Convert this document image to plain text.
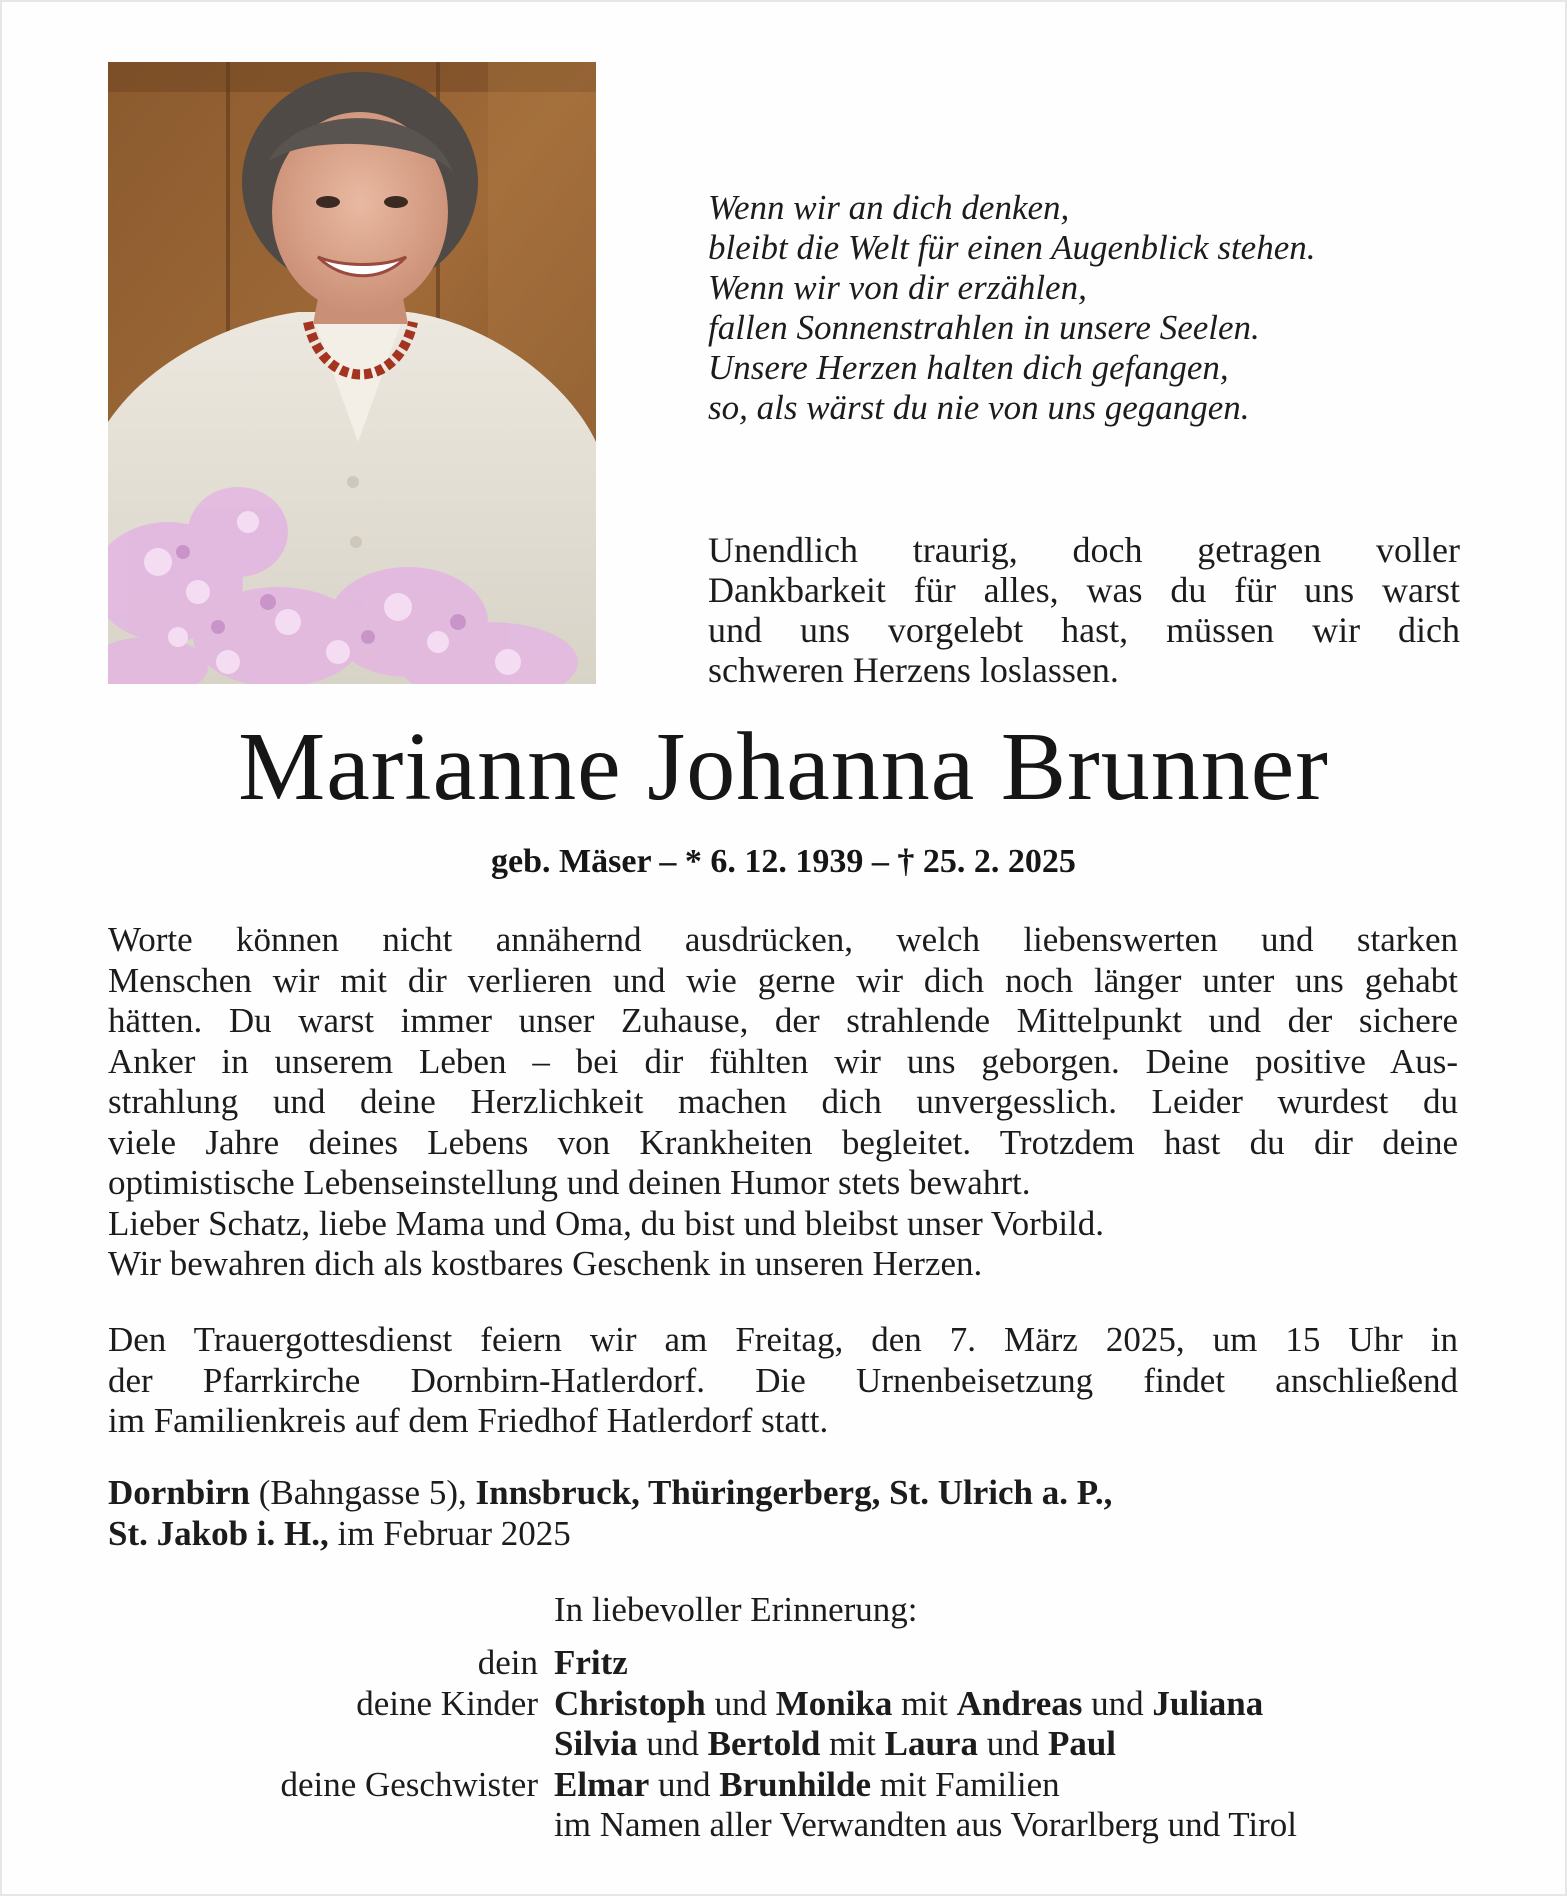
Wenn wir an dich denken,
bleibt die Welt für einen Augenblick stehen.
Wenn wir von dir erzählen,
fallen Sonnenstrahlen in unsere Seelen.
Unsere Herzen halten dich gefangen,
so, als wärst du nie von uns gegangen.
Unendlich traurig, doch getragen voller
Dankbarkeit für alles, was du für uns warst
und uns vorgelebt hast, müssen wir dich
schweren Herzens loslassen.
Marianne Johanna Brunner
geb. Mäser – * 6. 12. 1939 – † 25. 2. 2025
Worte können nicht annähernd ausdrücken, welch liebenswerten und starken
Menschen wir mit dir verlieren und wie gerne wir dich noch länger unter uns gehabt
hätten. Du warst immer unser Zuhause, der strahlende Mittelpunkt und der sichere
Anker in unserem Leben – bei dir fühlten wir uns geborgen. Deine positive Aus-
strahlung und deine Herzlichkeit machen dich unvergesslich. Leider wurdest du
viele Jahre deines Lebens von Krankheiten begleitet. Trotzdem hast du dir deine
optimistische Lebenseinstellung und deinen Humor stets bewahrt.
Lieber Schatz, liebe Mama und Oma, du bist und bleibst unser Vorbild.
Wir bewahren dich als kostbares Geschenk in unseren Herzen.
Den Trauergottesdienst feiern wir am Freitag, den 7. März 2025, um 15 Uhr in
der Pfarrkirche Dornbirn-Hatlerdorf. Die Urnenbeisetzung findet anschließend
im Familienkreis auf dem Friedhof Hatlerdorf statt.
Dornbirn (Bahngasse 5), Innsbruck, Thüringerberg, St. Ulrich a. P.,
St. Jakob i. H., im Februar 2025
In liebevoller Erinnerung:
dein Fritz
deine Kinder Christoph und Monika mit Andreas und Juliana
Silvia und Bertold mit Laura und Paul
deine Geschwister Elmar und Brunhilde mit Familien
im Namen aller Verwandten aus Vorarlberg und Tirol
